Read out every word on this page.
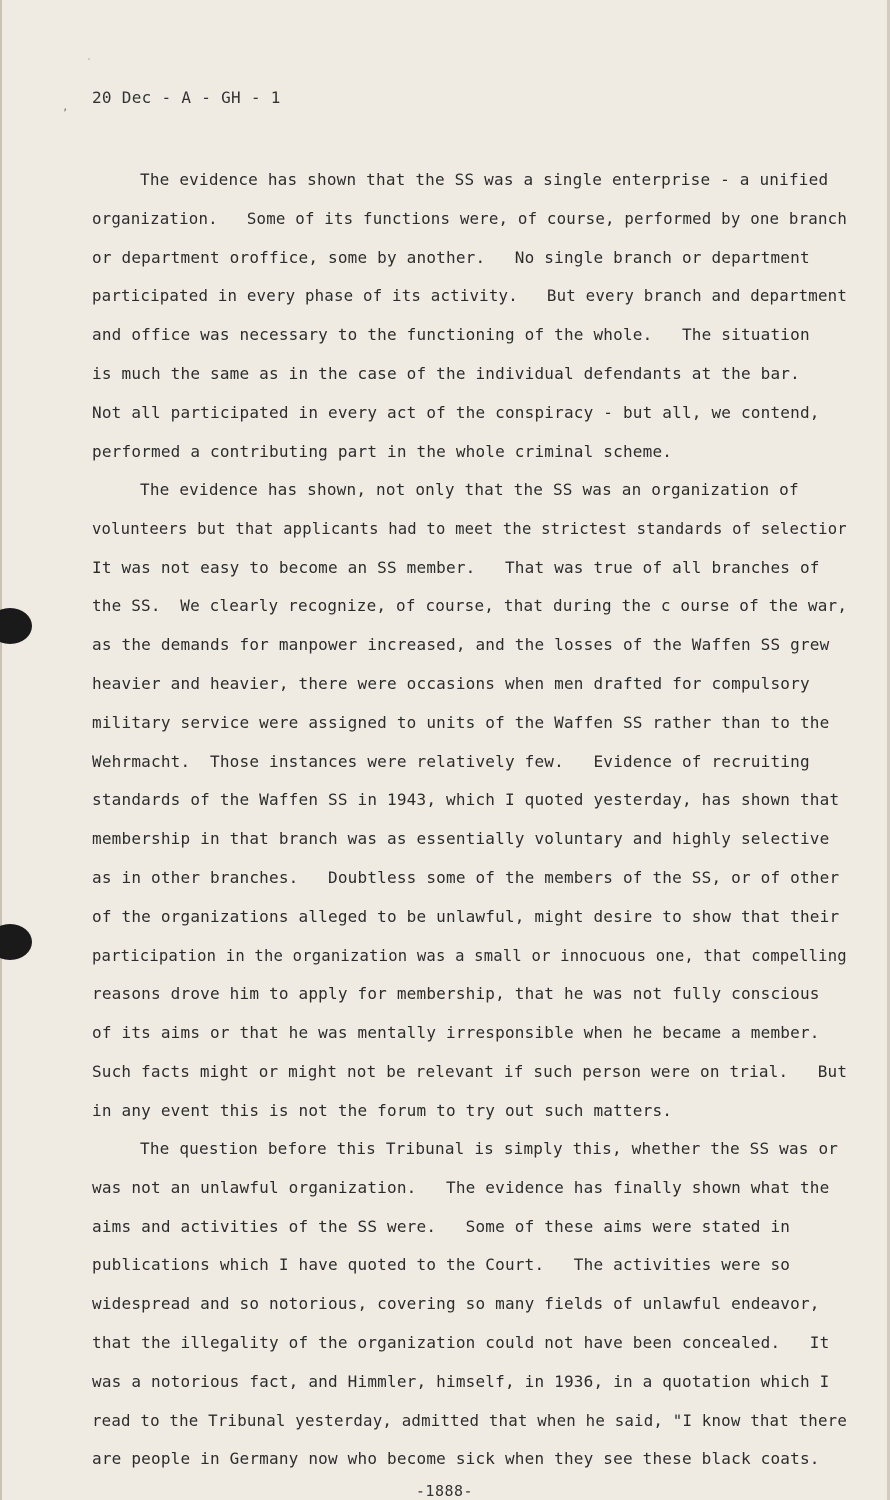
˙
’
20 Dec - A - GH - 1
The evidence has shown that the SS was a single enterprise - a unified
organization.   Some of its functions were, of course, performed by one branch
or department oroffice, some by another.   No single branch or department
participated in every phase of its activity.   But every branch and department
and office was necessary to the functioning of the whole.   The situation
is much the same as in the case of the individual defendants at the bar.
Not all participated in every act of the conspiracy - but all, we contend,
performed a contributing part in the whole criminal scheme.
The evidence has shown, not only that the SS was an organization of
volunteers but that applicants had to meet the strictest standards of selectior
It was not easy to become an SS member.   That was true of all branches of
the SS.  We clearly recognize, of course, that during the c ourse of the war,
as the demands for manpower increased, and the losses of the Waffen SS grew
heavier and heavier, there were occasions when men drafted for compulsory
military service were assigned to units of the Waffen SS rather than to the
Wehrmacht.  Those instances were relatively few.   Evidence of recruiting
standards of the Waffen SS in 1943, which I quoted yesterday, has shown that
membership in that branch was as essentially voluntary and highly selective
as in other branches.   Doubtless some of the members of the SS, or of other
of the organizations alleged to be unlawful, might desire to show that their
participation in the organization was a small or innocuous one, that compelling
reasons drove him to apply for membership, that he was not fully conscious
of its aims or that he was mentally irresponsible when he became a member.
Such facts might or might not be relevant if such person were on trial.   But
in any event this is not the forum to try out such matters.
The question before this Tribunal is simply this, whether the SS was or
was not an unlawful organization.   The evidence has finally shown what the
aims and activities of the SS were.   Some of these aims were stated in
publications which I have quoted to the Court.   The activities were so
widespread and so notorious, covering so many fields of unlawful endeavor,
that the illegality of the organization could not have been concealed.   It
was a notorious fact, and Himmler, himself, in 1936, in a quotation which I
read to the Tribunal yesterday, admitted that when he said, "I know that there
are people in Germany now who become sick when they see these black coats.
-1888-
